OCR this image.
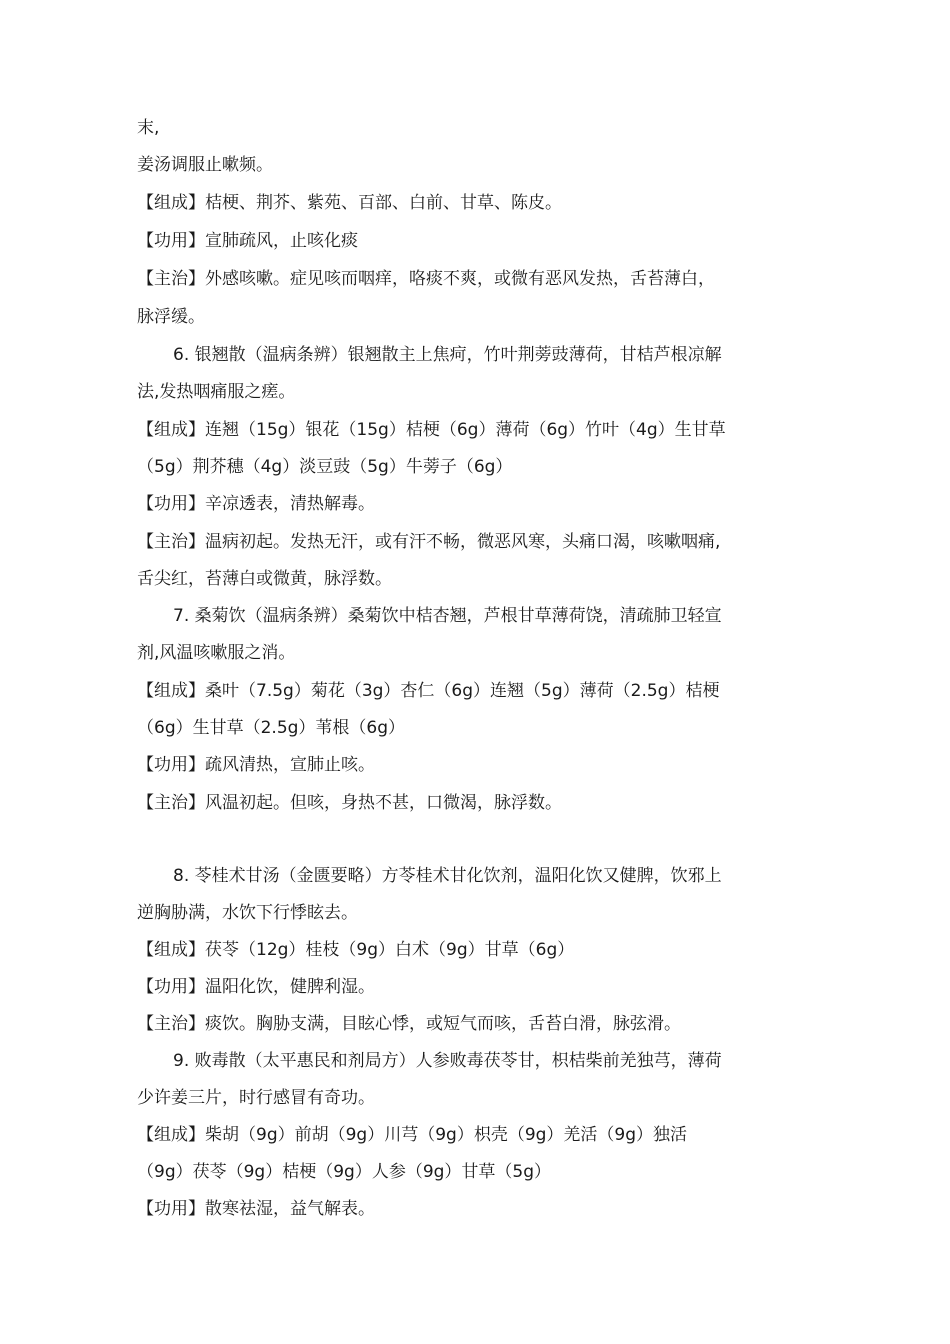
末,
姜汤调服止嗽频。
【组成】桔梗、荆芥、紫苑、百部、白前、甘草、陈皮。
【功用】宣肺疏风，止咳化痰
【主治】外感咳嗽。症见咳而咽痒，咯痰不爽，或微有恶风发热，舌苔薄白，
脉浮缓。
6. 银翘散（温病条辨）银翘散主上焦疴，竹叶荆蒡豉薄荷，甘桔芦根凉解
法,发热咽痛服之瘥。
【组成】连翘（15g）银花（15g）桔梗（6g）薄荷（6g）竹叶（4g）生甘草
（5g）荆芥穗（4g）淡豆豉（5g）牛蒡子（6g）
【功用】辛凉透表，清热解毒。
【主治】温病初起。发热无汗，或有汗不畅，微恶风寒，头痛口渴，咳嗽咽痛,
舌尖红，苔薄白或微黄，脉浮数。
7. 桑菊饮（温病条辨）桑菊饮中桔杏翘，芦根甘草薄荷饶，清疏肺卫轻宣
剂,风温咳嗽服之消。
【组成】桑叶（7.5g）菊花（3g）杏仁（6g）连翘（5g）薄荷（2.5g）桔梗
（6g）生甘草（2.5g）苇根（6g）
【功用】疏风清热，宣肺止咳。
【主治】风温初起。但咳，身热不甚，口微渴，脉浮数。
8. 苓桂术甘汤（金匮要略）方苓桂术甘化饮剂，温阳化饮又健脾，饮邪上
逆胸胁满，水饮下行悸眩去。
【组成】茯苓（12g）桂枝（9g）白术（9g）甘草（6g）
【功用】温阳化饮，健脾利湿。
【主治】痰饮。胸胁支满，目眩心悸，或短气而咳，舌苔白滑，脉弦滑。
9. 败毒散（太平惠民和剂局方）人参败毒茯苓甘，枳桔柴前羌独芎，薄荷
少许姜三片，时行感冒有奇功。
【组成】柴胡（9g）前胡（9g）川芎（9g）枳壳（9g）羌活（9g）独活
（9g）茯苓（9g）桔梗（9g）人参（9g）甘草（5g）
【功用】散寒祛湿，益气解表。
